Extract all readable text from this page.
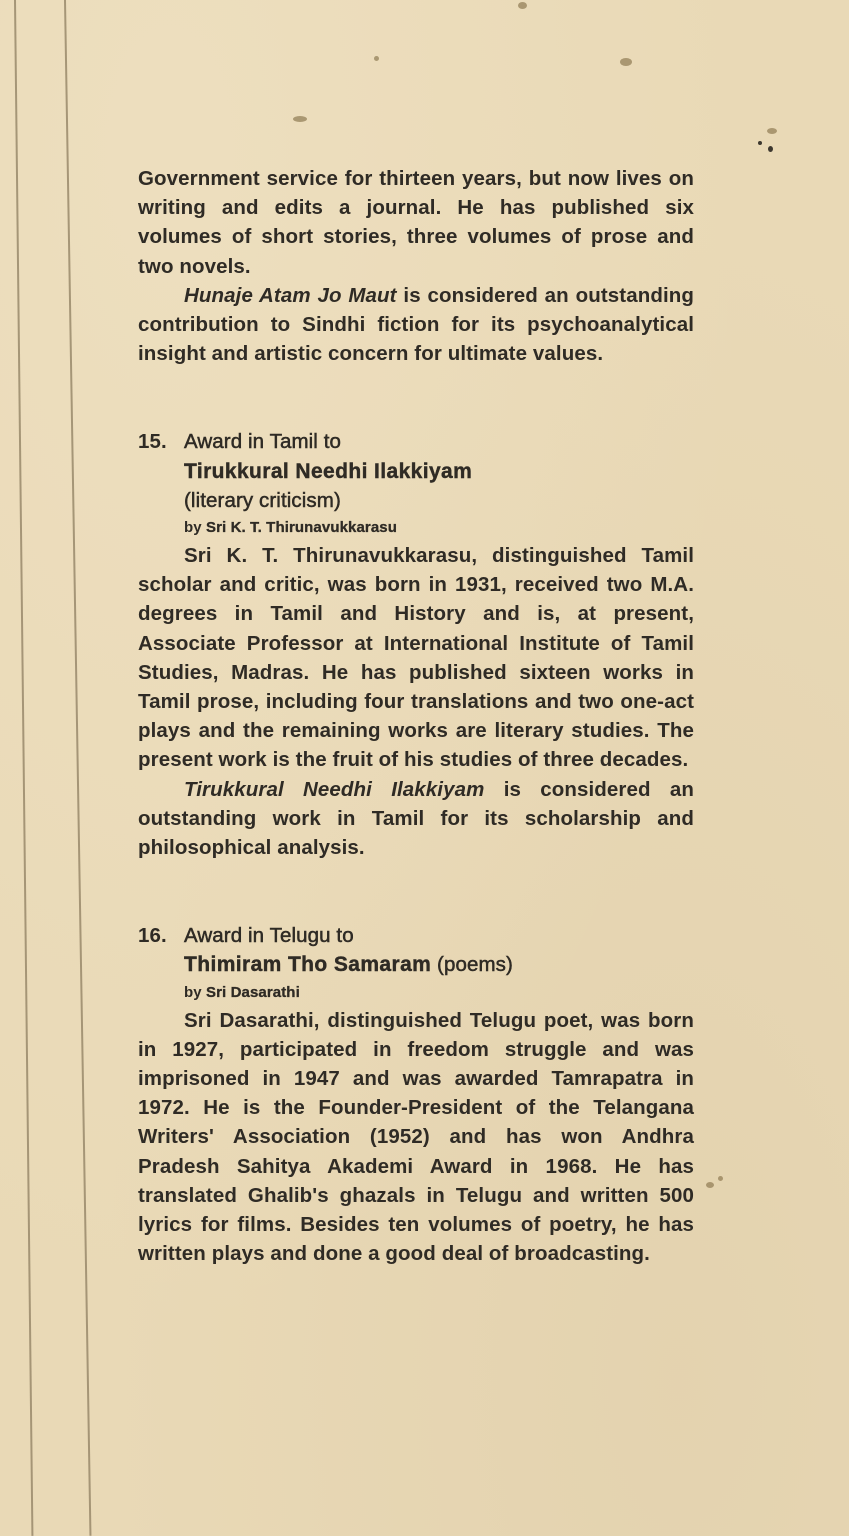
Government service for thirteen years, but now lives on writing and edits a journal. He has published six volumes of short stories, three volumes of prose and two novels.

Hunaje Atam Jo Maut is considered an outstanding contribution to Sindhi fiction for its psychoanalytical insight and artistic concern for ultimate values.

15. Award in Tamil to

Tirukkural Needhi Ilakkiyam

(literary criticism)

by Sri K. T. Thirunavukkarasu

Sri K. T. Thirunavukkarasu, distinguished Tamil scholar and critic, was born in 1931, received two M.A. degrees in Tamil and History and is, at present, Associate Professor at International Institute of Tamil Studies, Madras. He has published sixteen works in Tamil prose, including four translations and two one-act plays and the remaining works are literary studies. The present work is the fruit of his studies of three decades.

Tirukkural Needhi Ilakkiyam is considered an outstanding work in Tamil for its scholarship and philosophical analysis.

16. Award in Telugu to

Thimiram Tho Samaram (poems)

by Sri Dasarathi

Sri Dasarathi, distinguished Telugu poet, was born in 1927, participated in freedom struggle and was imprisoned in 1947 and was awarded Tamrapatra in 1972. He is the Founder-President of the Telangana Writers' Association (1952) and has won Andhra Pradesh Sahitya Akademi Award in 1968. He has translated Ghalib's ghazals in Telugu and written 500 lyrics for films. Besides ten volumes of poetry, he has written plays and done a good deal of broadcasting.
